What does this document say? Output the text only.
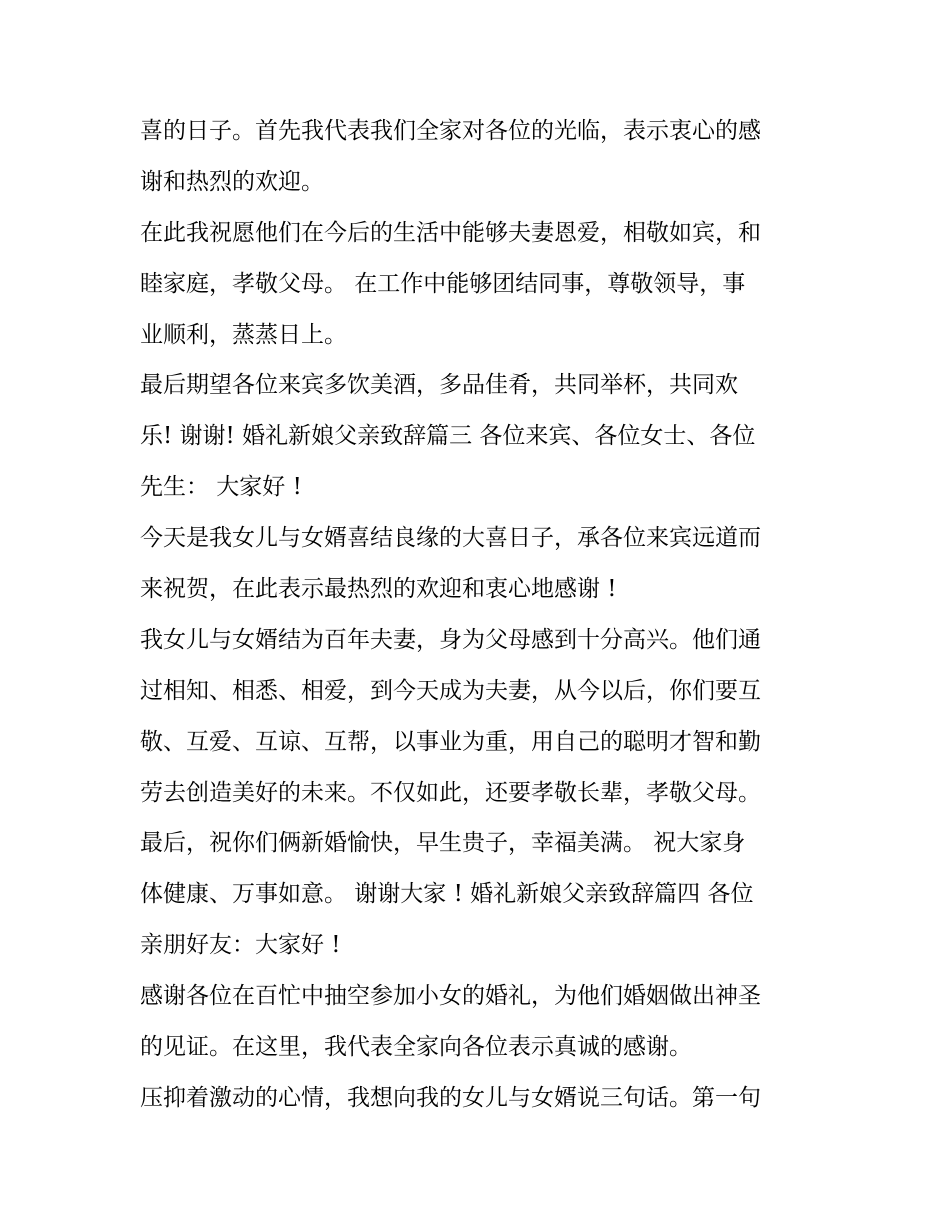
喜的日子。首先我代表我们全家对各位的光临，表示衷心的感
谢和热烈的欢迎。
在此我祝愿他们在今后的生活中能够夫妻恩爱，相敬如宾，和
睦家庭，孝敬父母。 在工作中能够团结同事，尊敬领导，事
业顺利，蒸蒸日上。
最后期望各位来宾多饮美酒，多品佳肴，共同举杯，共同欢
乐! 谢谢! 婚礼新娘父亲致辞篇三 各位来宾、各位女士、各位
先生： 大家好 !
今天是我女儿与女婿喜结良缘的大喜日子，承各位来宾远道而
来祝贺，在此表示最热烈的欢迎和衷心地感谢 !
我女儿与女婿结为百年夫妻，身为父母感到十分高兴。他们通
过相知、相悉、相爱，到今天成为夫妻，从今以后，你们要互
敬、互爱、互谅、互帮，以事业为重，用自己的聪明才智和勤
劳去创造美好的未来。不仅如此，还要孝敬长辈，孝敬父母。
最后，祝你们俩新婚愉快，早生贵子，幸福美满。 祝大家身
体健康、万事如意。 谢谢大家 ! 婚礼新娘父亲致辞篇四 各位
亲朋好友：大家好 !
感谢各位在百忙中抽空参加小女的婚礼，为他们婚姻做出神圣
的见证。在这里，我代表全家向各位表示真诚的感谢。
压抑着激动的心情，我想向我的女儿与女婿说三句话。第一句
